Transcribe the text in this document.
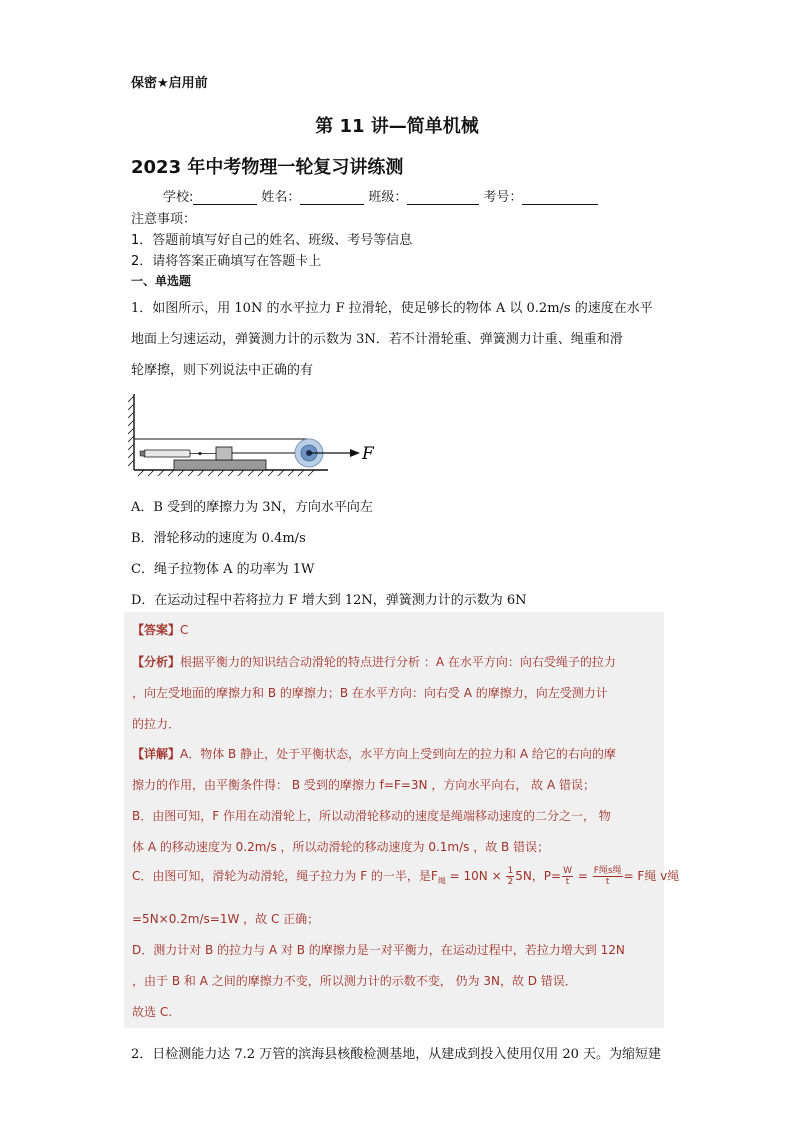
保密★启用前
第 11 讲—简单机械
2023 年中考物理一轮复习讲练测
学校:	姓名：	班级：	考号：
注意事项：
1．答题前填写好自己的姓名、班级、考号等信息
2．请将答案正确填写在答题卡上
一、单选题
1．如图所示，用 10N 的水平拉力 F 拉滑轮，使足够长的物体 A 以 0.2m/s 的速度在水平
地面上匀速运动，弹簧测力计的示数为 3N．若不计滑轮重、弹簧测力计重、绳重和滑
轮摩擦，则下列说法中正确的有
F
A．B 受到的摩擦力为 3N，方向水平向左
B．滑轮移动的速度为 0.4m/s
C．绳子拉物体 A 的功率为 1W
D．在运动过程中若将拉力 F 增大到 12N，弹簧测力计的示数为 6N
【答案】C
【分析】根据平衡力的知识结合动滑轮的特点进行分析 ：A 在水平方向：向右受绳子的拉力
，向左受地面的摩擦力和 B 的摩擦力；B 在水平方向：向右受 A 的摩擦力，向左受测力计
的拉力．
【详解】A．物体 B 静止，处于平衡状态，水平方向上受到向左的拉力和 A 给它的右向的摩
擦力的作用，由平衡条件得： B 受到的摩擦力 f=F=3N ，方向水平向右， 故 A 错误；
B．由图可知，F 作用在动滑轮上，所以动滑轮移动的速度是绳端移动速度的二分之一， 物
体 A 的移动速度为 0.2m/s ，所以动滑轮的移动速度为 0.1m/s ，故 B 错误；
C．由图可知，滑轮为动滑轮，绳子拉力为 F 的一半，是$F_绳 = 10N \times \frac{1}{2} 5N$，$P= \frac{W}{t} = \frac{\text{F绳s绳}}{t} = F$绳 v绳
=5N×0.2m/s=1W ，故 C 正确；
D．测力计对 B 的拉力与 A 对 B 的摩擦力是一对平衡力，在运动过程中，若拉力增大到 12N
，由于 B 和 A 之间的摩擦力不变，所以测力计的示数不变， 仍为 3N，故 D 错误．
故选 C.
2．日检测能力达 7.2 万管的滨海县核酸检测基地，从建成到投入使用仅用 20 天。为缩短建
